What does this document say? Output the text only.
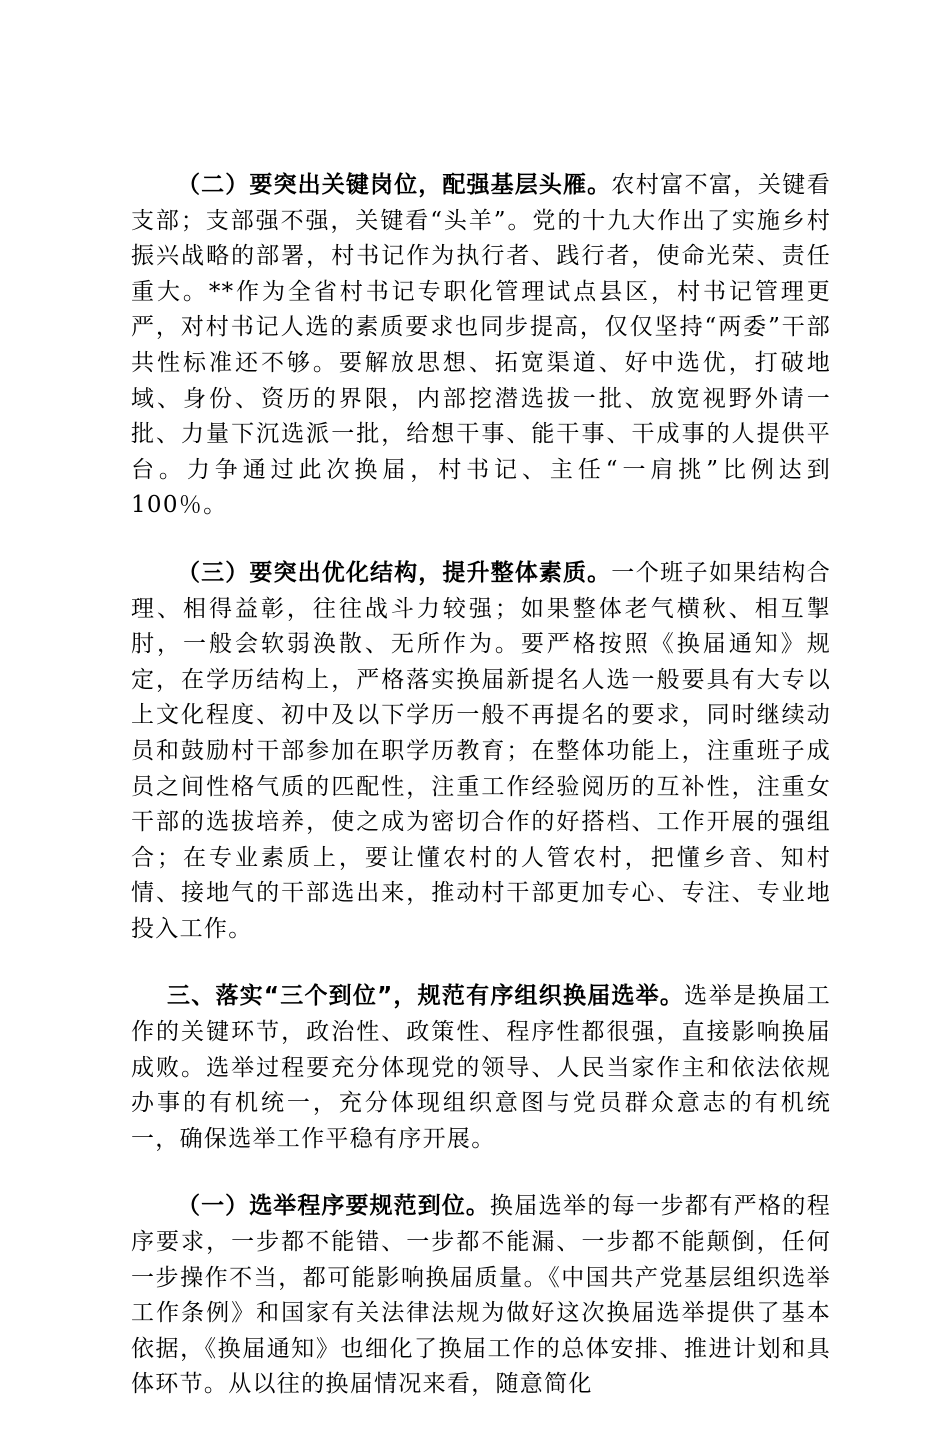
（二）要突出关键岗位，配强基层头雁。农村富不富，关键看支部；支部强不强，关键看“头羊”。党的十九大作出了实施乡村振兴战略的部署，村书记作为执行者、践行者，使命光荣、责任重大。**作为全省村书记专职化管理试点县区，村书记管理更严，对村书记人选的素质要求也同步提高，仅仅坚持“两委”干部共性标准还不够。要解放思想、拓宽渠道、好中选优，打破地域、身份、资历的界限，内部挖潜选拔一批、放宽视野外请一批、力量下沉选派一批，给想干事、能干事、干成事的人提供平台。力争通过此次换届，村书记、主任“一肩挑”比例达到100％。

（三）要突出优化结构，提升整体素质。一个班子如果结构合理、相得益彰，往往战斗力较强；如果整体老气横秋、相互掣肘，一般会软弱涣散、无所作为。要严格按照《换届通知》规定，在学历结构上，严格落实换届新提名人选一般要具有大专以上文化程度、初中及以下学历一般不再提名的要求，同时继续动员和鼓励村干部参加在职学历教育；在整体功能上，注重班子成员之间性格气质的匹配性，注重工作经验阅历的互补性，注重女干部的选拔培养，使之成为密切合作的好搭档、工作开展的强组合；在专业素质上，要让懂农村的人管农村，把懂乡音、知村情、接地气的干部选出来，推动村干部更加专心、专注、专业地投入工作。

三、落实“三个到位”，规范有序组织换届选举。选举是换届工作的关键环节，政治性、政策性、程序性都很强，直接影响换届成败。选举过程要充分体现党的领导、人民当家作主和依法依规办事的有机统一，充分体现组织意图与党员群众意志的有机统一，确保选举工作平稳有序开展。

（一）选举程序要规范到位。换届选举的每一步都有严格的程序要求，一步都不能错、一步都不能漏、一步都不能颠倒，任何一步操作不当，都可能影响换届质量。《中国共产党基层组织选举工作条例》和国家有关法律法规为做好这次换届选举提供了基本依据，《换届通知》也细化了换届工作的总体安排、推进计划和具体环节。从以往的换届情况来看，随意简化
